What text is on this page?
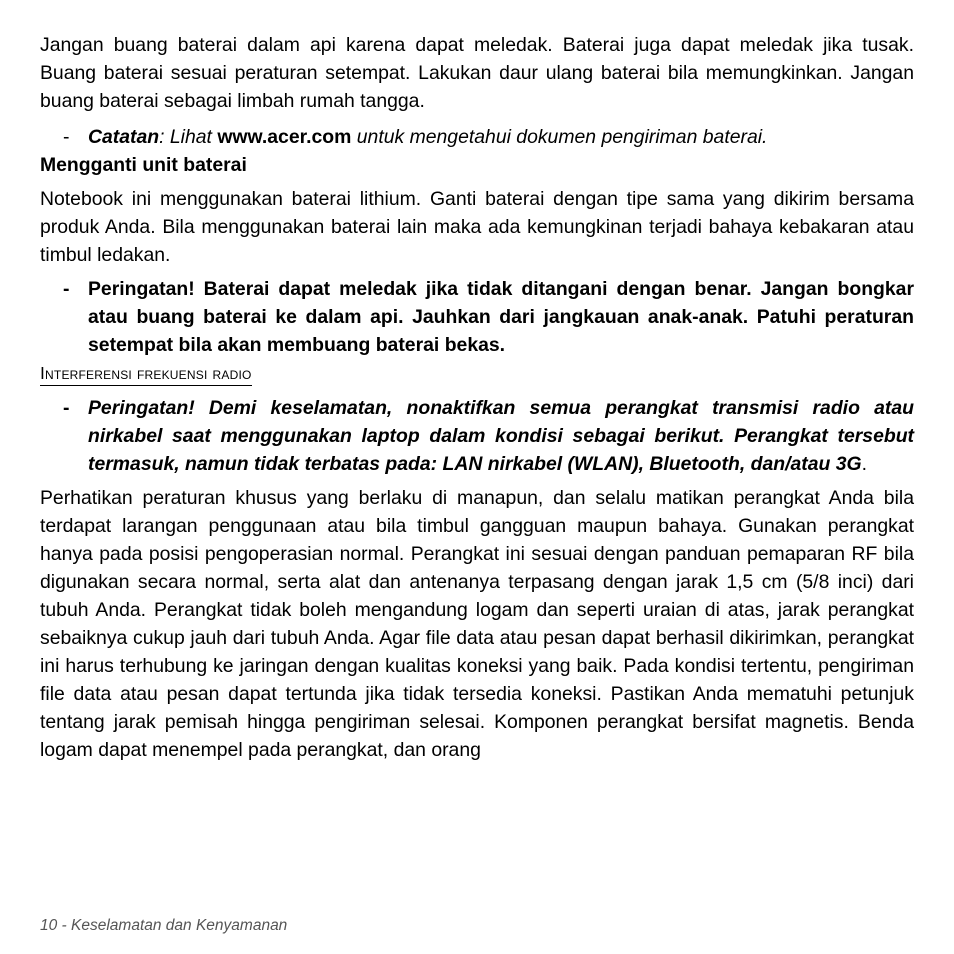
Jangan buang baterai dalam api karena dapat meledak. Baterai juga dapat meledak jika tusak. Buang baterai sesuai peraturan setempat. Lakukan daur ulang baterai bila memungkinkan. Jangan buang baterai sebagai limbah rumah tangga.

- Catatan: Lihat www.acer.com untuk mengetahui dokumen pengiriman baterai.
Mengganti unit baterai

Notebook ini menggunakan baterai lithium. Ganti baterai dengan tipe sama yang dikirim bersama produk Anda. Bila menggunakan baterai lain maka ada kemungkinan terjadi bahaya kebakaran atau timbul ledakan.

- Peringatan! Baterai dapat meledak jika tidak ditangani dengan benar. Jangan bongkar atau buang baterai ke dalam api. Jauhkan dari jangkauan anak-anak. Patuhi peraturan setempat bila akan membuang baterai bekas.
Interferensi frekuensi radio
- Peringatan! Demi keselamatan, nonaktifkan semua perangkat transmisi radio atau nirkabel saat menggunakan laptop dalam kondisi sebagai berikut. Perangkat tersebut termasuk, namun tidak terbatas pada: LAN nirkabel (WLAN), Bluetooth, dan/atau 3G.

Perhatikan peraturan khusus yang berlaku di manapun, dan selalu matikan perangkat Anda bila terdapat larangan penggunaan atau bila timbul gangguan maupun bahaya. Gunakan perangkat hanya pada posisi pengoperasian normal. Perangkat ini sesuai dengan panduan pemaparan RF bila digunakan secara normal, serta alat dan antenanya terpasang dengan jarak 1,5 cm (5/8 inci) dari tubuh Anda. Perangkat tidak boleh mengandung logam dan seperti uraian di atas, jarak perangkat sebaiknya cukup jauh dari tubuh Anda. Agar file data atau pesan dapat berhasil dikirimkan, perangkat ini harus terhubung ke jaringan dengan kualitas koneksi yang baik. Pada kondisi tertentu, pengiriman file data atau pesan dapat tertunda jika tidak tersedia koneksi. Pastikan Anda mematuhi petunjuk tentang jarak pemisah hingga pengiriman selesai. Komponen perangkat bersifat magnetis. Benda logam dapat menempel pada perangkat, dan orang

10 - Keselamatan dan Kenyamanan
